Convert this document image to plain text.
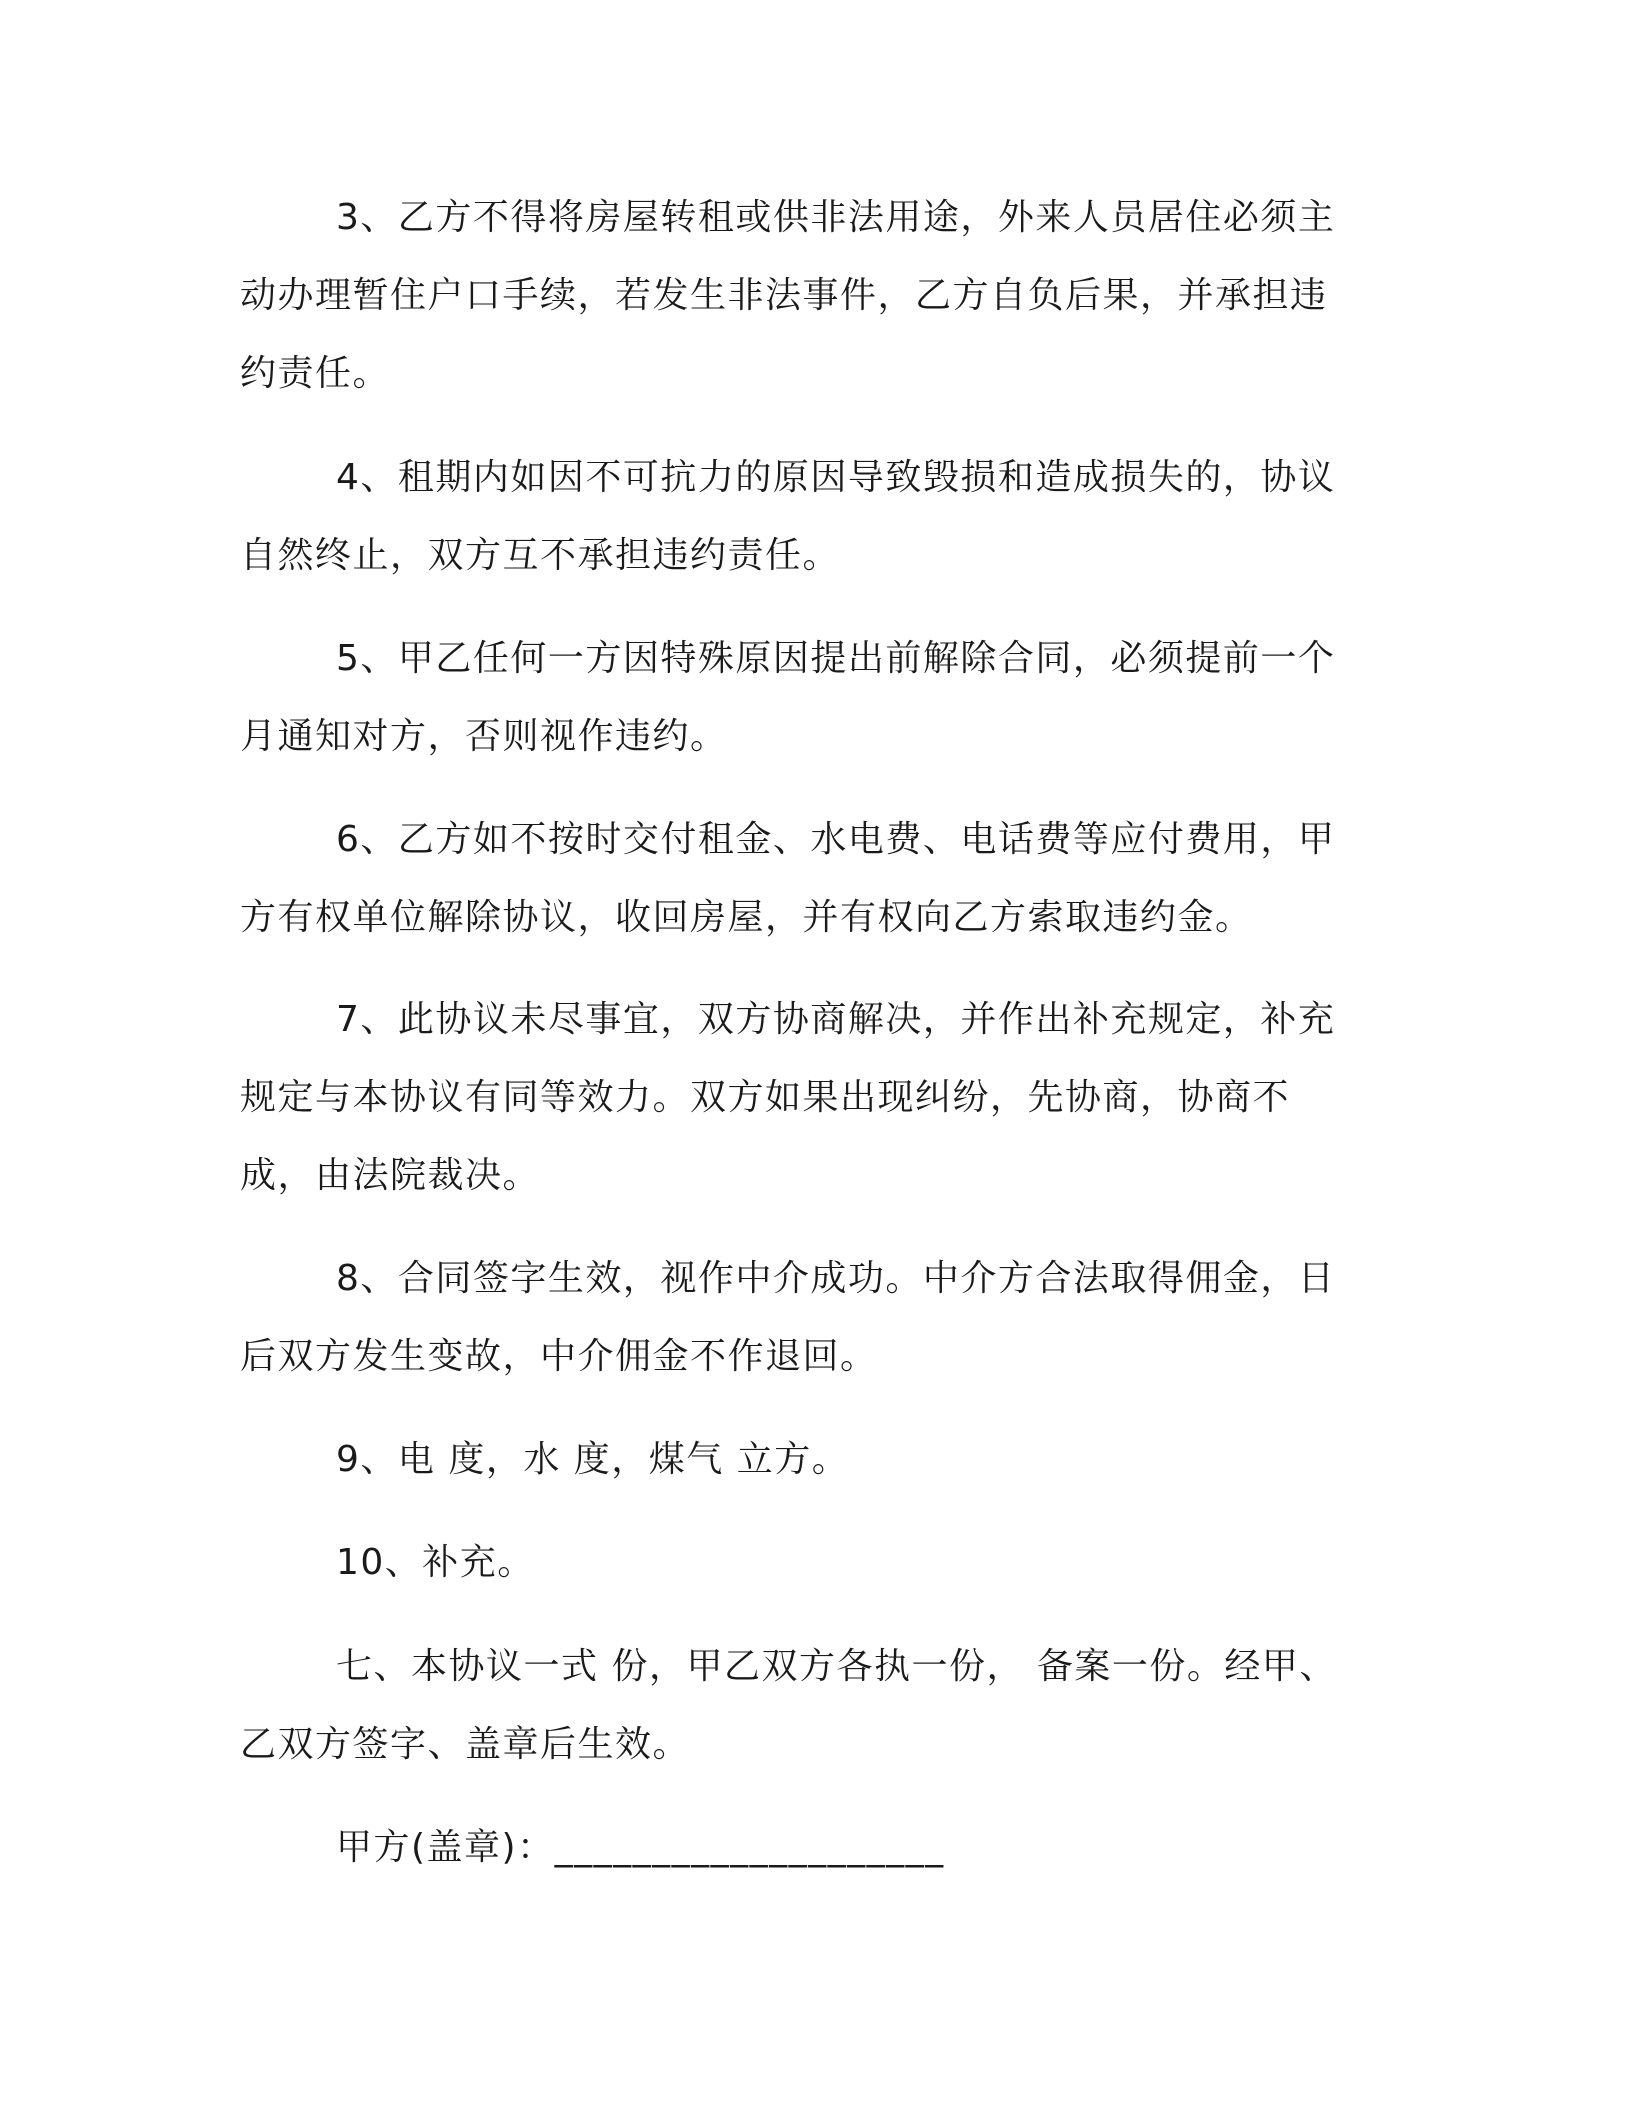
3、乙方不得将房屋转租或供非法用途，外来人员居住必须主动办理暂住户口手续，若发生非法事件，乙方自负后果，并承担违约责任。

4、租期内如因不可抗力的原因导致毁损和造成损失的，协议自然终止，双方互不承担违约责任。

5、甲乙任何一方因特殊原因提出前解除合同，必须提前一个月通知对方，否则视作违约。

6、乙方如不按时交付租金、水电费、电话费等应付费用，甲方有权单位解除协议，收回房屋，并有权向乙方索取违约金。

7、此协议未尽事宜，双方协商解决，并作出补充规定，补充规定与本协议有同等效力。双方如果出现纠纷，先协商，协商不成，由法院裁决。

8、合同签字生效，视作中介成功。中介方合法取得佣金，日后双方发生变故，中介佣金不作退回。

9、电 度，水 度，煤气 立方。

10、补充。

七、本协议一式 份，甲乙双方各执一份， 备案一份。经甲、乙双方签字、盖章后生效。

甲方(盖章)：____________________
